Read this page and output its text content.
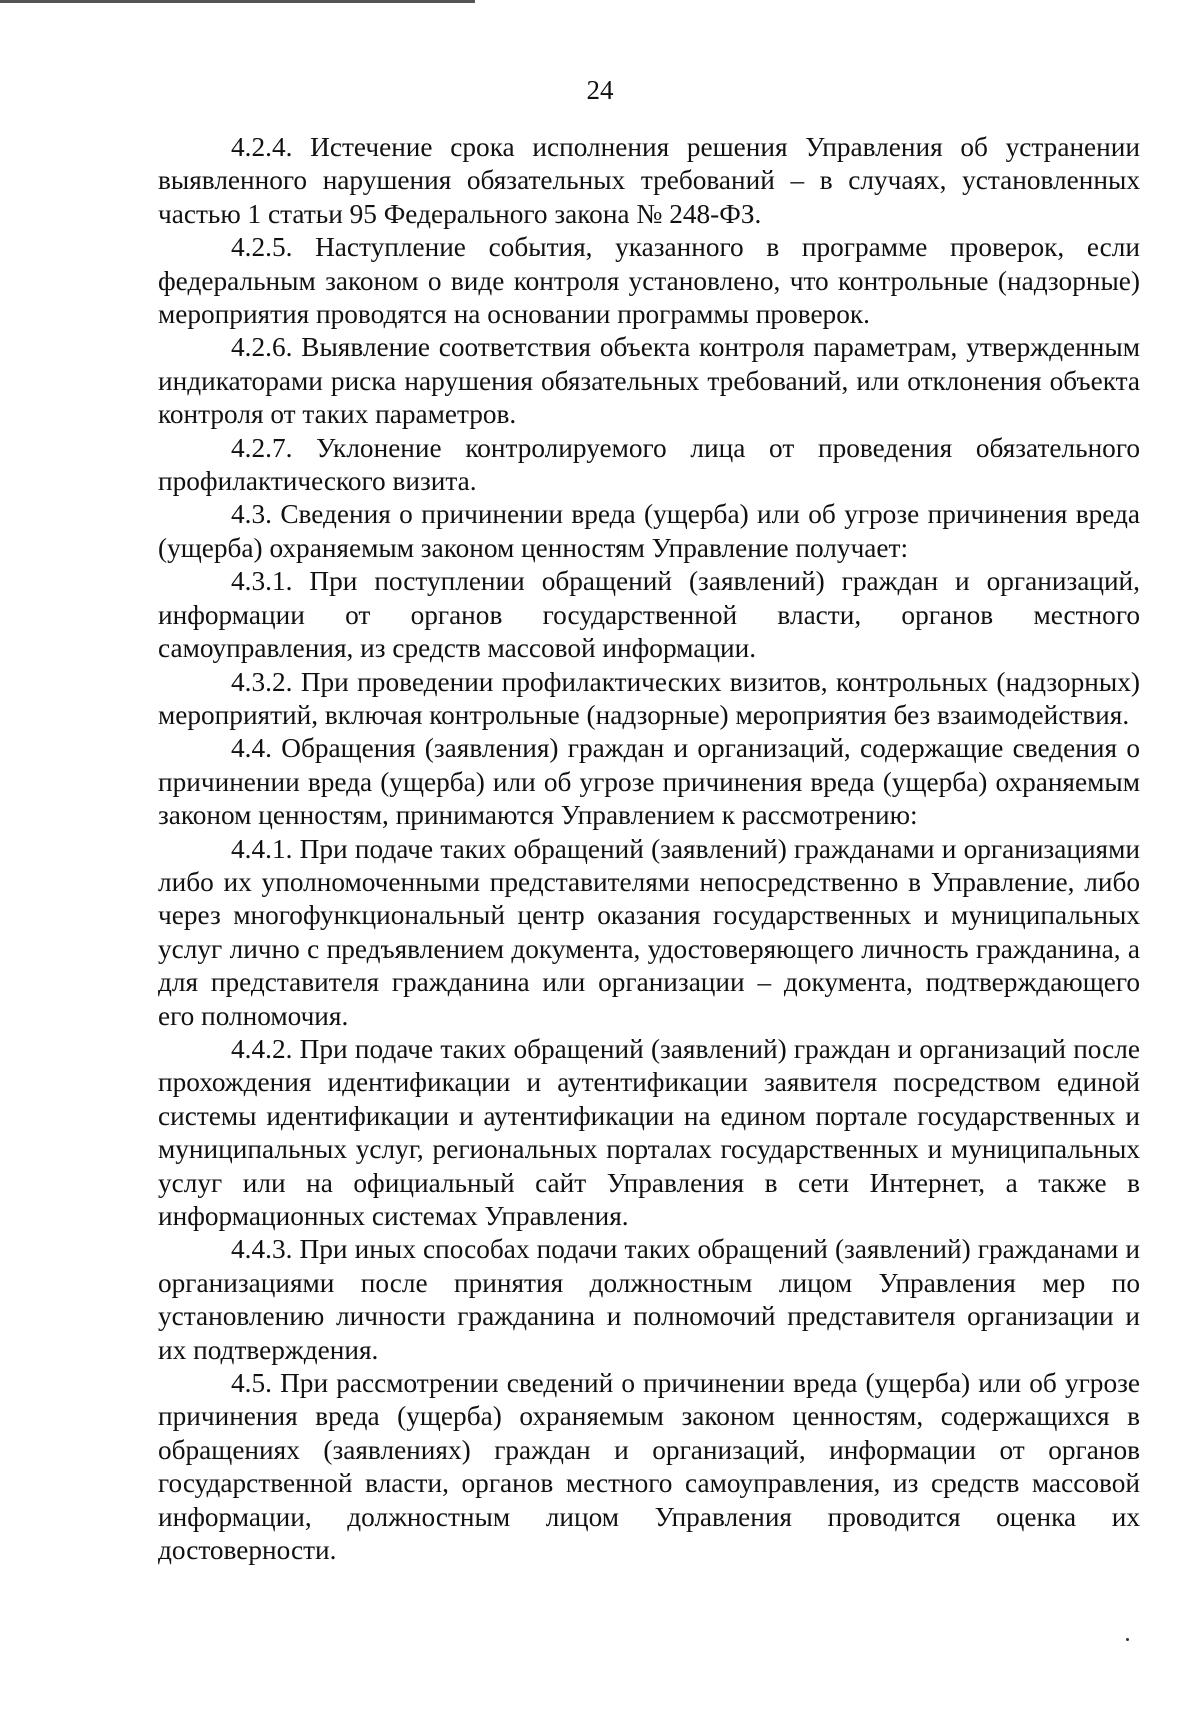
24

4.2.4. Истечение срока исполнения решения Управления об устранении выявленного нарушения обязательных требований – в случаях, установленных частью 1 статьи 95 Федерального закона № 248-ФЗ.

4.2.5. Наступление события, указанного в программе проверок, если федеральным законом о виде контроля установлено, что контрольные (надзорные) мероприятия проводятся на основании программы проверок.

4.2.6. Выявление соответствия объекта контроля параметрам, утвержденным индикаторами риска нарушения обязательных требований, или отклонения объекта контроля от таких параметров.

4.2.7. Уклонение контролируемого лица от проведения обязательного профилактического визита.

4.3. Сведения о причинении вреда (ущерба) или об угрозе причинения вреда (ущерба) охраняемым законом ценностям Управление получает:

4.3.1. При поступлении обращений (заявлений) граждан и организаций, информации от органов государственной власти, органов местного самоуправления, из средств массовой информации.

4.3.2. При проведении профилактических визитов, контрольных (надзорных) мероприятий, включая контрольные (надзорные) мероприятия без взаимодействия.

4.4. Обращения (заявления) граждан и организаций, содержащие сведения о причинении вреда (ущерба) или об угрозе причинения вреда (ущерба) охраняемым законом ценностям, принимаются Управлением к рассмотрению:

4.4.1. При подаче таких обращений (заявлений) гражданами и организациями либо их уполномоченными представителями непосредственно в Управление, либо через многофункциональный центр оказания государственных и муниципальных услуг лично с предъявлением документа, удостоверяющего личность гражданина, а для представителя гражданина или организации – документа, подтверждающего его полномочия.

4.4.2. При подаче таких обращений (заявлений) граждан и организаций после прохождения идентификации и аутентификации заявителя посредством единой системы идентификации и аутентификации на едином портале государственных и муниципальных услуг, региональных порталах государственных и муниципальных услуг или на официальный сайт Управления в сети Интернет, а также в информационных системах Управления.

4.4.3. При иных способах подачи таких обращений (заявлений) гражданами и организациями после принятия должностным лицом Управления мер по установлению личности гражданина и полномочий представителя организации и их подтверждения.

4.5. При рассмотрении сведений о причинении вреда (ущерба) или об угрозе причинения вреда (ущерба) охраняемым законом ценностям, содержащихся в обращениях (заявлениях) граждан и организаций, информации от органов государственной власти, органов местного самоуправления, из средств массовой информации, должностным лицом Управления проводится оценка их достоверности.
